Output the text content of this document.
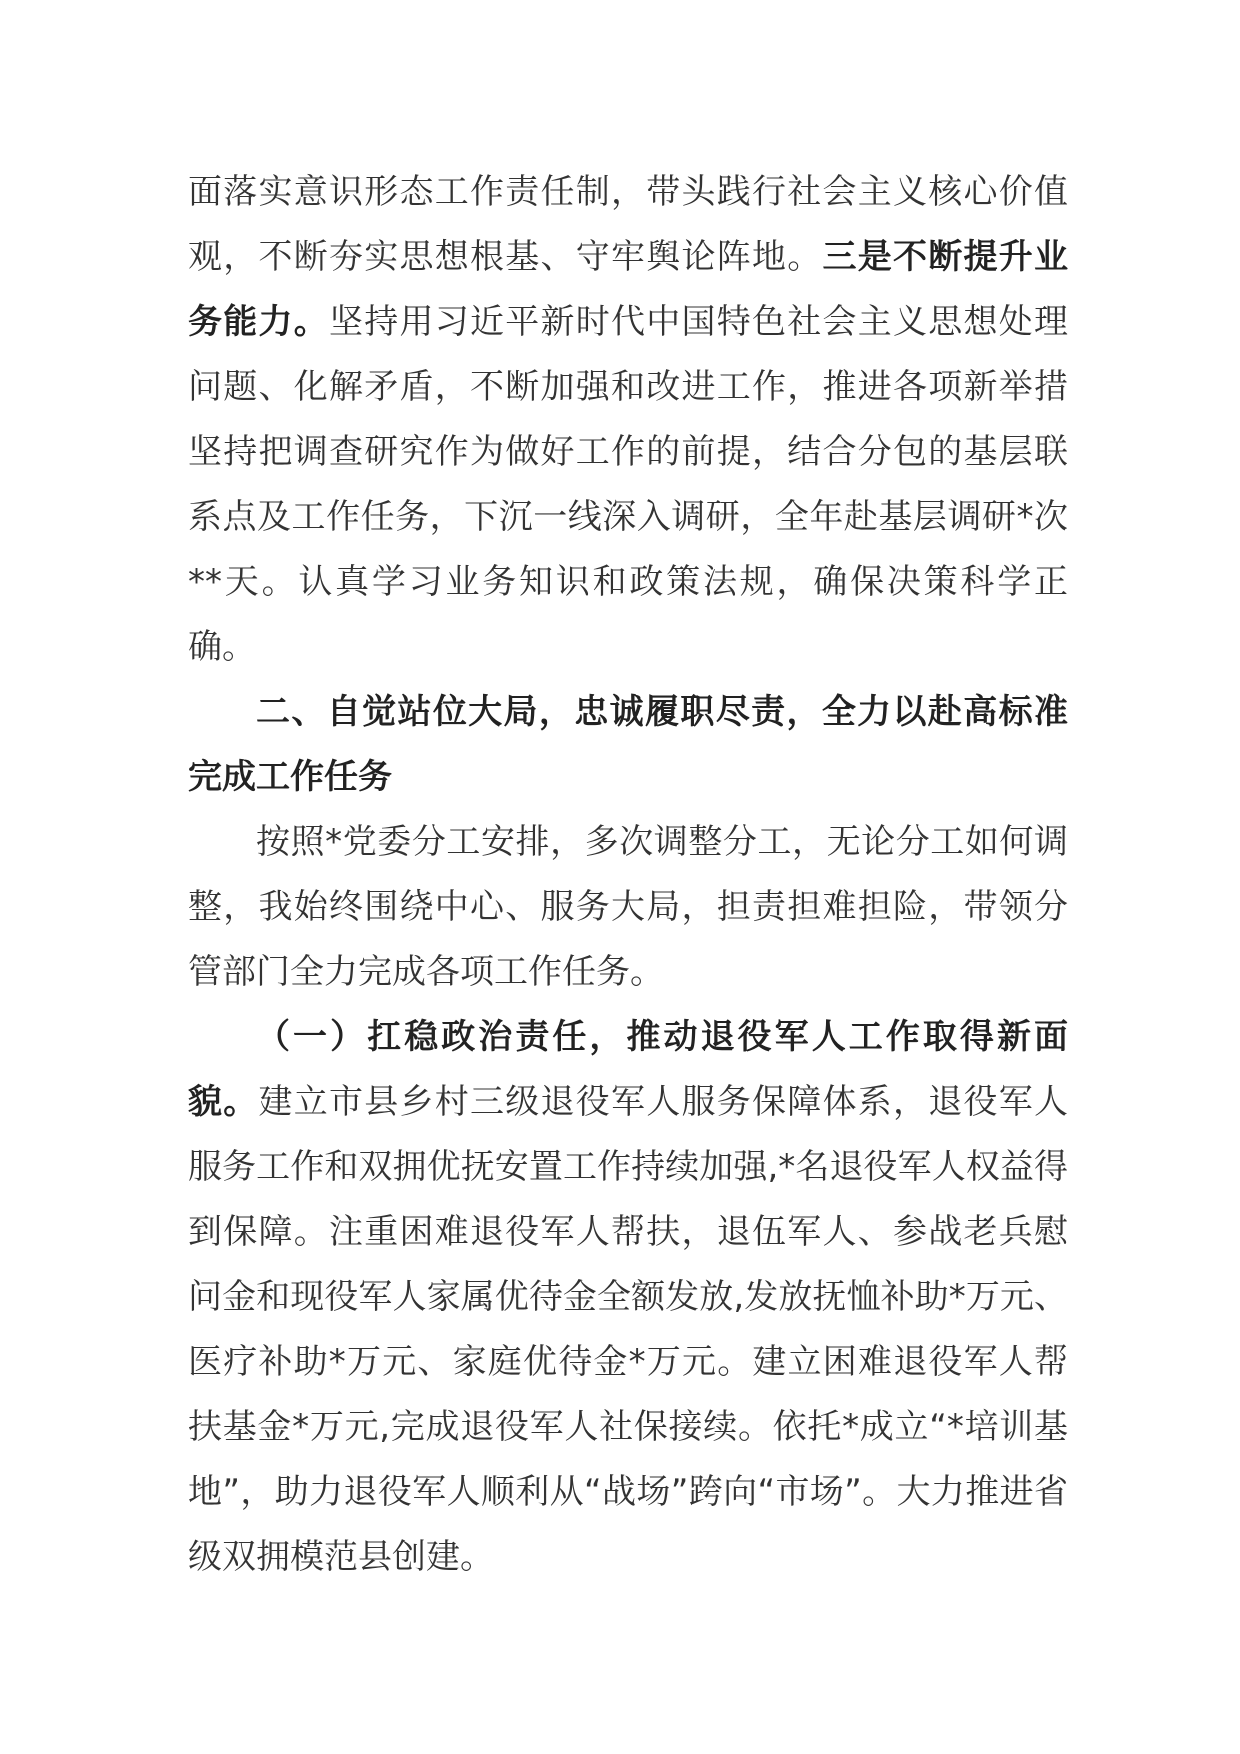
面落实意识形态工作责任制，带头践行社会主义核心价值观，不断夯实思想根基、守牢舆论阵地。三是不断提升业务能力。坚持用习近平新时代中国特色社会主义思想处理问题、化解矛盾，不断加强和改进工作，推进各项新举措坚持把调查研究作为做好工作的前提，结合分包的基层联系点及工作任务，下沉一线深入调研，全年赴基层调研*次**天。认真学习业务知识和政策法规，确保决策科学正确。

二、自觉站位大局，忠诚履职尽责，全力以赴高标准完成工作任务

按照*党委分工安排，多次调整分工，无论分工如何调整，我始终围绕中心、服务大局，担责担难担险，带领分管部门全力完成各项工作任务。

（一）扛稳政治责任，推动退役军人工作取得新面貌。建立市县乡村三级退役军人服务保障体系，退役军人服务工作和双拥优抚安置工作持续加强,*名退役军人权益得到保障。注重困难退役军人帮扶，退伍军人、参战老兵慰问金和现役军人家属优待金全额发放,发放抚恤补助*万元、医疗补助*万元、家庭优待金*万元。建立困难退役军人帮扶基金*万元,完成退役军人社保接续。依托*成立“*培训基地”，助力退役军人顺利从“战场”跨向“市场”。大力推进省级双拥模范县创建。
